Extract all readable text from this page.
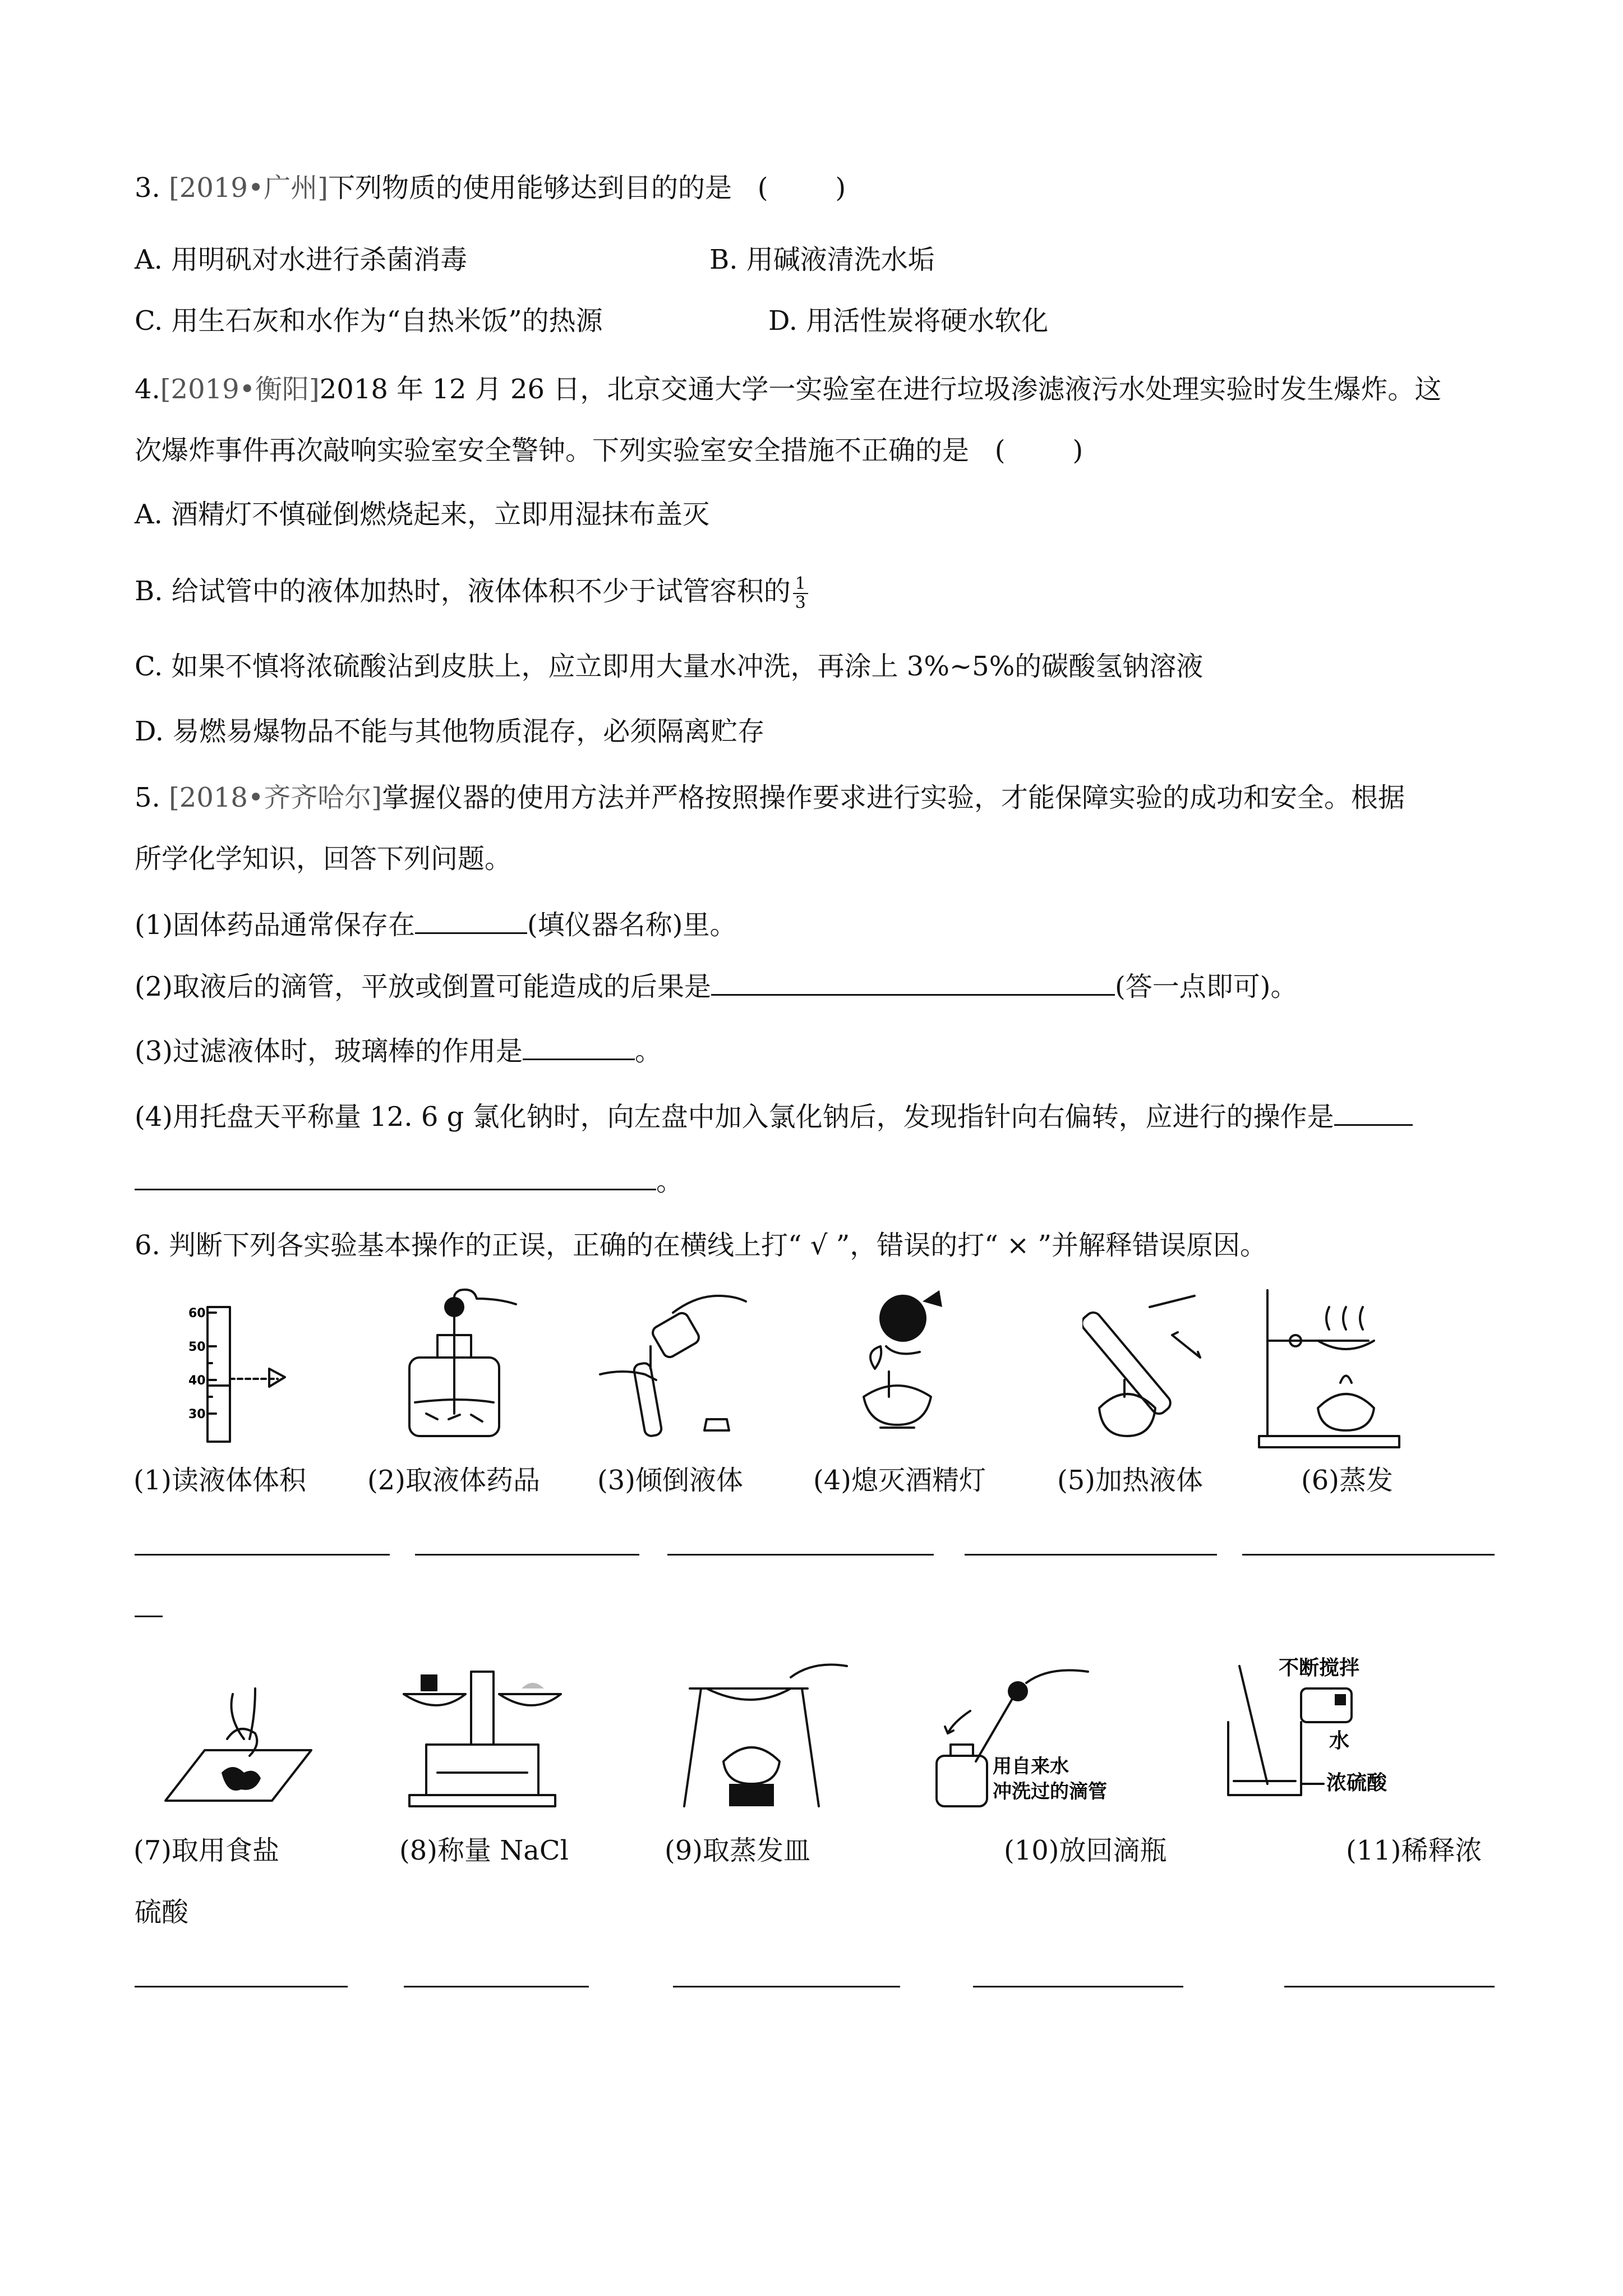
3. [2019•广州]下列物质的使用能够达到目的的是 (	)
A. 用明矾对水进行杀菌消毒	B. 用碱液清洗水垢
C. 用生石灰和水作为“自热米饭”的热源	D. 用活性炭将硬水软化
4.[2019•衡阳]2018 年 12 月 26 日，北京交通大学一实验室在进行垃圾渗滤液污水处理实验时发生爆炸。这
次爆炸事件再次敲响实验室安全警钟。下列实验室安全措施不正确的是 (	)
A. 酒精灯不慎碰倒燃烧起来，立即用湿抹布盖灭
B. 给试管中的液体加热时，液体体积不少于试管容积的 $\frac{1}{3}$
C. 如果不慎将浓硫酸沾到皮肤上，应立即用大量水冲洗，再涂上 3%~5%的碳酸氢钠溶液
D. 易燃易爆物品不能与其他物质混存，必须隔离贮存
5. [2018•齐齐哈尔]掌握仪器的使用方法并严格按照操作要求进行实验，才能保障实验的成功和安全。根据
所学化学知识，回答下列问题。
(1)固体药品通常保存在	(填仪器名称)里。
(2)取液后的滴管，平放或倒置可能造成的后果是	(答一点即可)。
(3)过滤液体时，玻璃棒的作用是	。
(4)用托盘天平称量 12. 6 g 氯化钠时，向左盘中加入氯化钠后，发现指针向右偏转，应进行的操作是
。
6. 判断下列各实验基本操作的正误，正确的在横线上打“ √ ”，错误的打“ × ”并解释错误原因。
60
50
40
30
(1)读液体体积 (2)取液体药品 (3)倾倒液体	(4)熄灭酒精灯	(5)加热液体	(6)蒸发
用自来水
冲洗过的滴管
不断搅拌
水
浓硫酸
(7)取用食盐	(8)称量 NaCl	(9)取蒸发皿	(10)放回滴瓶	(11)稀释浓
硫酸
